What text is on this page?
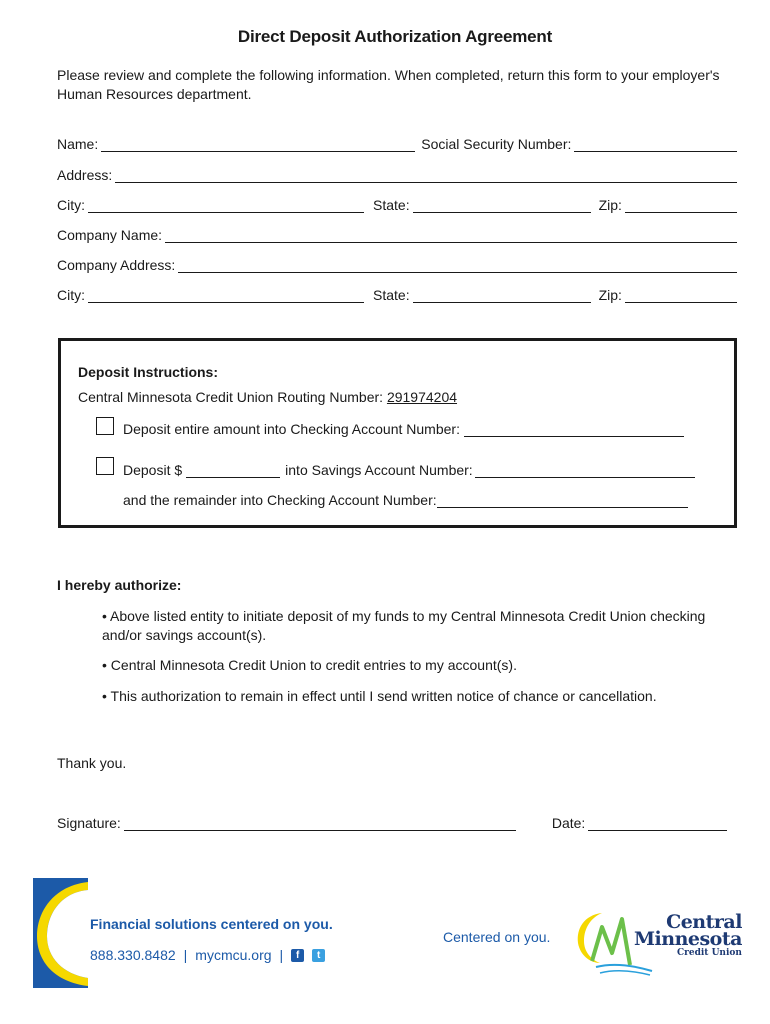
Direct Deposit Authorization Agreement
Please review and complete the following information. When completed, return this form to your employer's Human Resources department.
Name:	Social Security Number:
Address:
City:	State:	Zip:
Company Name:
Company Address:
City:	State:	Zip:
Deposit Instructions:
Central Minnesota Credit Union Routing Number: 291974204
Deposit entire amount into Checking Account Number:
Deposit $	into Savings Account Number:
and the remainder into Checking Account Number:
I hereby authorize:
• Above listed entity to initiate deposit of my funds to my Central Minnesota Credit Union checking and/or savings account(s).
• Central Minnesota Credit Union to credit entries to my account(s).
• This authorization to remain in effect until I send written notice of chance or cancellation.
Thank you.
Signature:	Date:
Financial solutions centered on you.
888.330.8482 | mycmcu.org |	f	t
Centered on you.
Central
Minnesota
Credit Union
